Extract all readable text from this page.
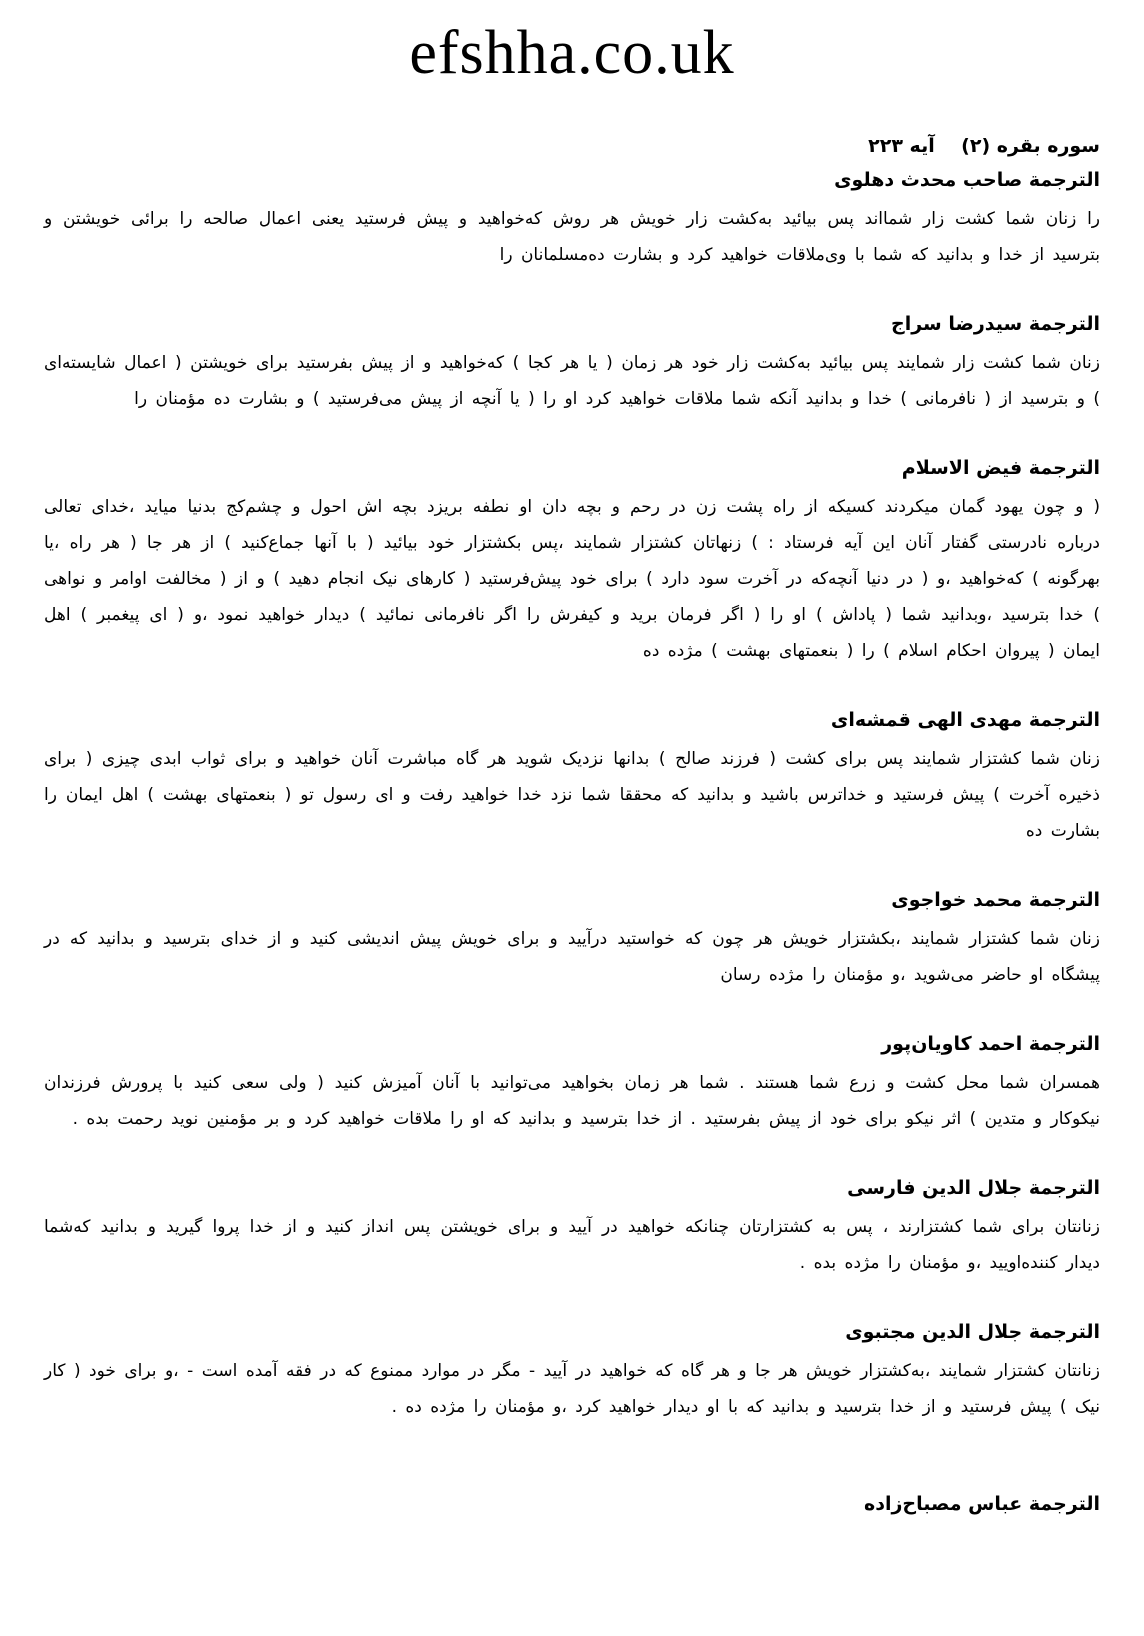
efshha.co.uk
سوره بقره (۲)    آیه ۲۲۳
الترجمة صاحب محدث دهلوی

را زنان شما کشت زار شمااند پس بیائید به‌کشت زار خویش هر روش که‌خواهید و پیش فرستید یعنی اعمال صالحه را برائی خویشتن و بترسید از خدا و بدانید که شما با وی‌ملاقات خواهید کرد و بشارت ده‌مسلمانان را

الترجمة سیدرضا سراج

زنان شما کشت زار شمایند پس بیائید به‌کشت زار خود هر زمان ( یا هر کجا ) که‌خواهید و از پیش بفرستید برای خویشتن ( اعمال شایسته‌ای ) و بترسید از ( نافرمانی ) خدا و بدانید آنکه شما ملاقات خواهید کرد او را ( یا آنچه از پیش می‌فرستید ) و بشارت ده مؤمنان را

الترجمة فیض الاسلام

( و چون یهود گمان میکردند کسیکه از راه پشت زن در رحم و بچه دان او نطفه بریزد بچه اش احول و چشم‌کج بدنیا میاید ،خدای تعالی درباره نادرستی گفتار آنان این آیه فرستاد : ) زنهاتان کشتزار شمایند ،پس بکشتزار خود بیائید ( با آنها جماع‌کنید ) از هر جا ( هر راه ،یا بهرگونه ) که‌خواهید ،و ( در دنیا آنچه‌که در آخرت سود دارد ) برای خود پیش‌فرستید ( کارهای نیک انجام دهید ) و از ( مخالفت اوامر و نواهی ) خدا بترسید ،وبدانید شما ( پاداش ) او را ( اگر فرمان برید و کیفرش را اگر نافرمانی نمائید ) دیدار خواهید نمود ،و ( ای پیغمبر ) اهل ایمان ( پیروان احکام اسلام ) را ( بنعمتهای بهشت ) مژده ده

الترجمة مهدی الهی قمشه‌ای

زنان شما کشتزار شمایند پس برای کشت ( فرزند صالح ) بدانها نزدیک شوید هر گاه مباشرت آنان خواهید و برای ثواب ابدی چیزی ( برای ذخیره آخرت ) پیش فرستید و خداترس باشید و بدانید که محققا شما نزد خدا خواهید رفت و ای رسول تو ( بنعمتهای بهشت ) اهل ایمان را بشارت ده

الترجمة محمد خواجوی

زنان شما کشتزار شمایند ،بکشتزار خویش هر چون که خواستید درآیید و برای خویش پیش اندیشی کنید و از خدای بترسید و بدانید که در پیشگاه او حاضر می‌شوید ،و مؤمنان را مژده رسان

الترجمة احمد کاویان‌پور

همسران شما محل کشت و زرع شما هستند . شما هر زمان بخواهید می‌توانید با آنان آمیزش کنید ( ولی سعی کنید با پرورش فرزندان نیکوکار و متدین ) اثر نیکو برای خود از پیش بفرستید . از خدا بترسید و بدانید که او را ملاقات خواهید کرد و بر مؤمنین نوید رحمت بده .

الترجمة جلال الدین فارسی

زنانتان برای شما کشتزارند ، پس به کشتزارتان چنانکه خواهید در آیید و برای خویشتن پس انداز کنید و از خدا پروا گیرید و بدانید که‌شما دیدار کننده‌اویید ،و مؤمنان را مژده بده .

الترجمة جلال الدین مجتبوی

زنانتان کشتزار شمایند ،به‌کشتزار خویش هر جا و هر گاه که خواهید در آیید - مگر در موارد ممنوع که در فقه آمده است - ،و برای خود ( کار نیک ) پیش فرستید و از خدا بترسید و بدانید که با او دیدار خواهید کرد ،و مؤمنان را مژده ده .

الترجمة عباس مصباح‌زاده
